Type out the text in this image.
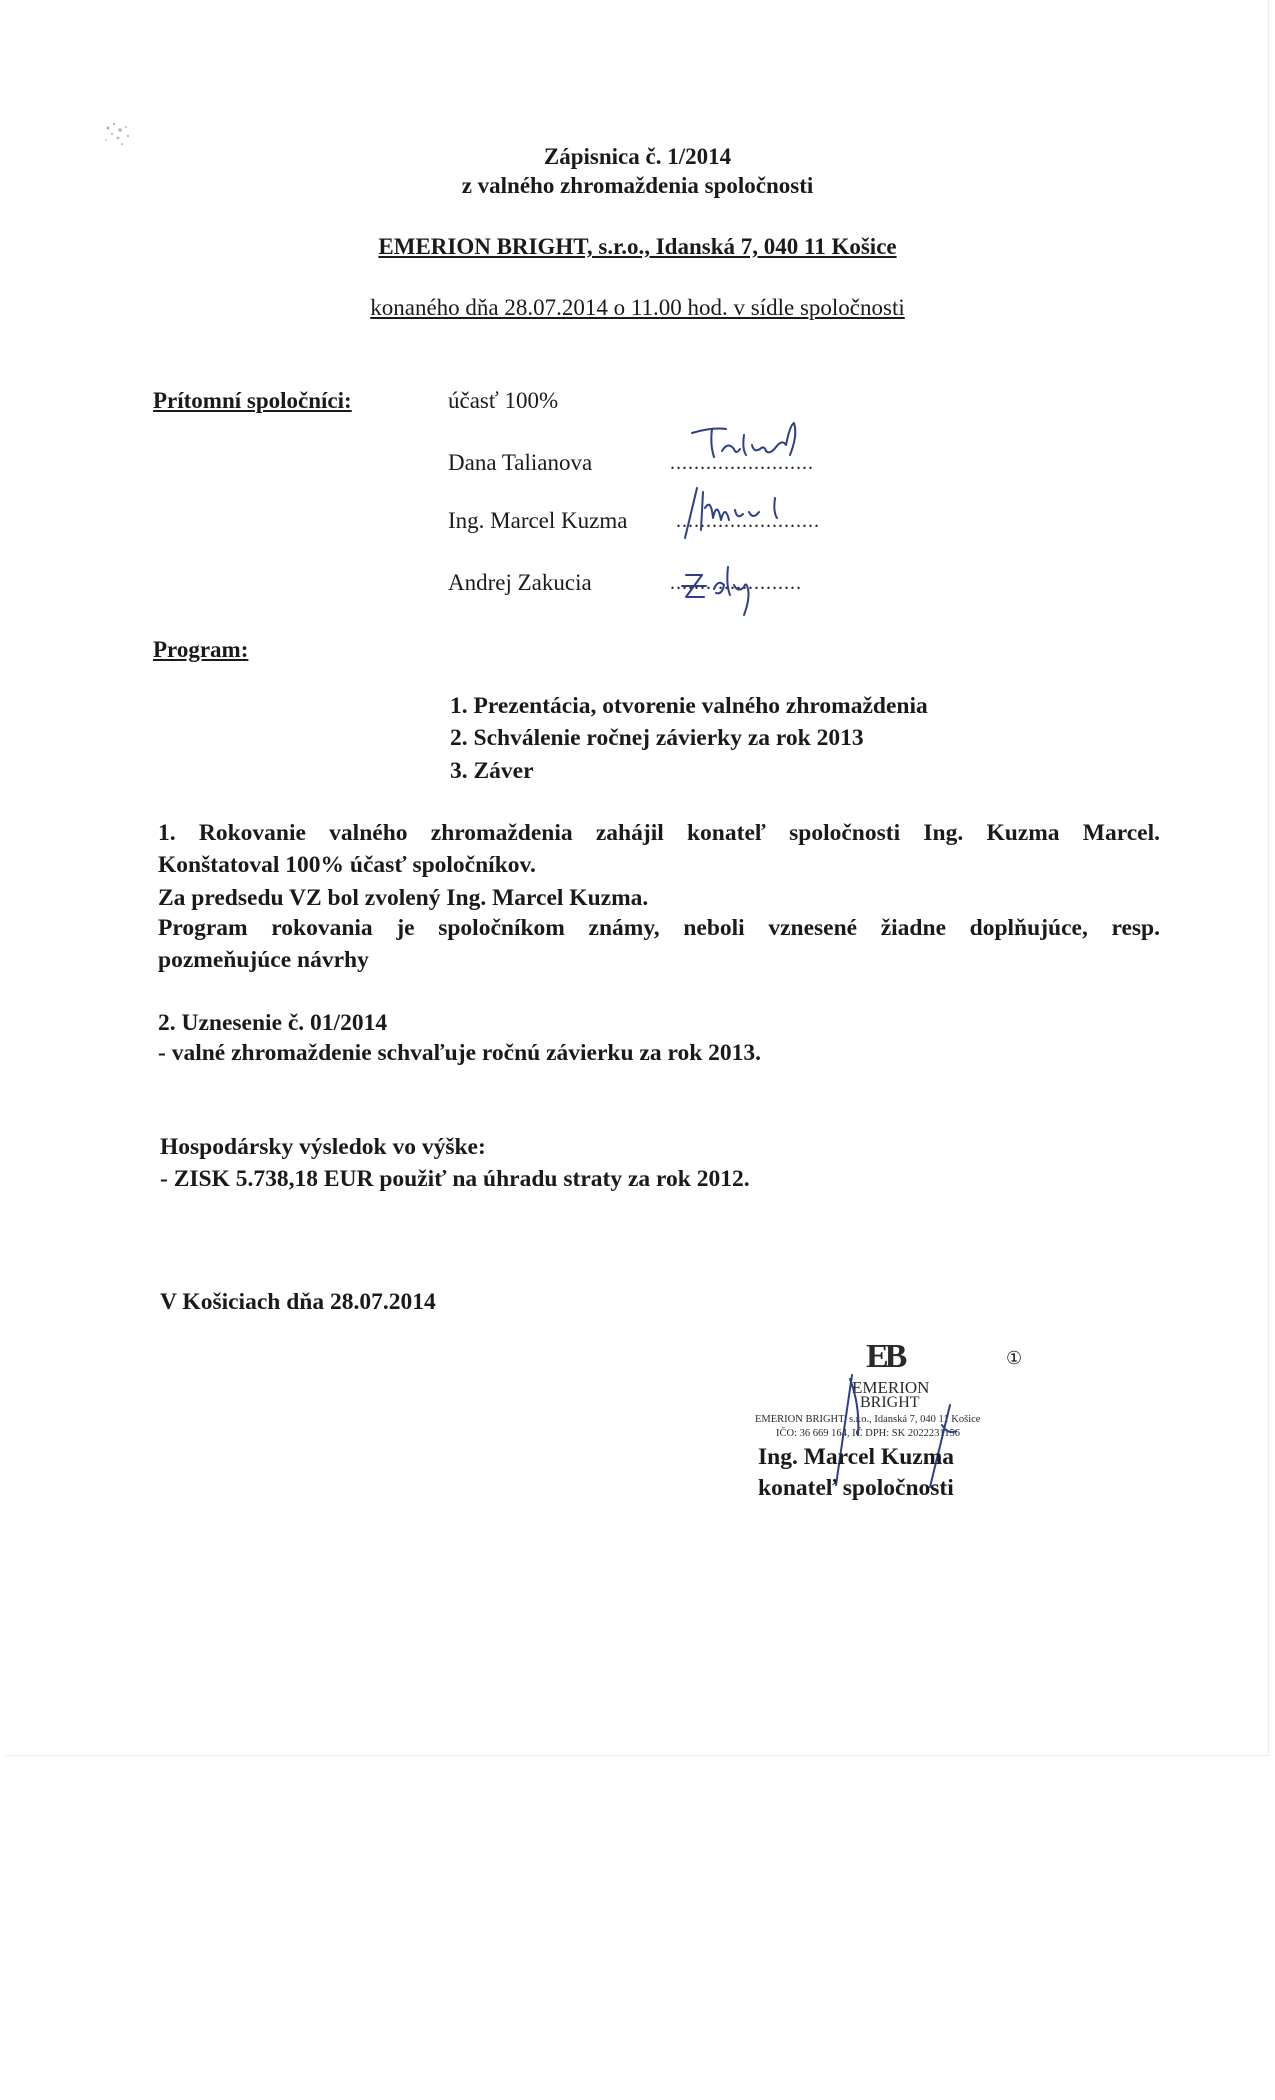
Zápisnica č. 1/2014
z valného zhromaždenia spoločnosti
EMERION BRIGHT, s.r.o., Idanská 7, 040 11 Košice
konaného dňa 28.07.2014 o 11.00 hod. v sídle spoločnosti
Prítomní spoločníci:	účasť 100%
Dana Talianova	........................
Ing. Marcel Kuzma ........................
Andrej Zakucia	......................
Program:
1. Prezentácia, otvorenie valného zhromaždenia
2. Schválenie ročnej závierky za rok 2013
3. Záver
1. Rokovanie valného zhromaždenia zahájil konateľ spoločnosti Ing. Kuzma Marcel.
Konštatoval 100% účasť spoločníkov.
Za predsedu VZ bol zvolený Ing. Marcel Kuzma.
Program rokovania je spoločníkom známy, neboli vznesené žiadne doplňujúce, resp.
pozmeňujúce návrhy
2. Uznesenie č. 01/2014
- valné zhromaždenie schvaľuje ročnú závierku za rok 2013.
Hospodársky výsledok vo výške:
- ZISK 5.738,18 EUR použiť na úhradu straty za rok 2012.
V Košiciach dňa 28.07.2014
EB	①
EMERION
BRIGHT
EMERION BRIGHT, s.r.o., Idanská 7, 040 11 Košice
IČO: 36 669 164, IČ DPH: SK 2022231156
Ing. Marcel Kuzma
konateľ spoločnosti
